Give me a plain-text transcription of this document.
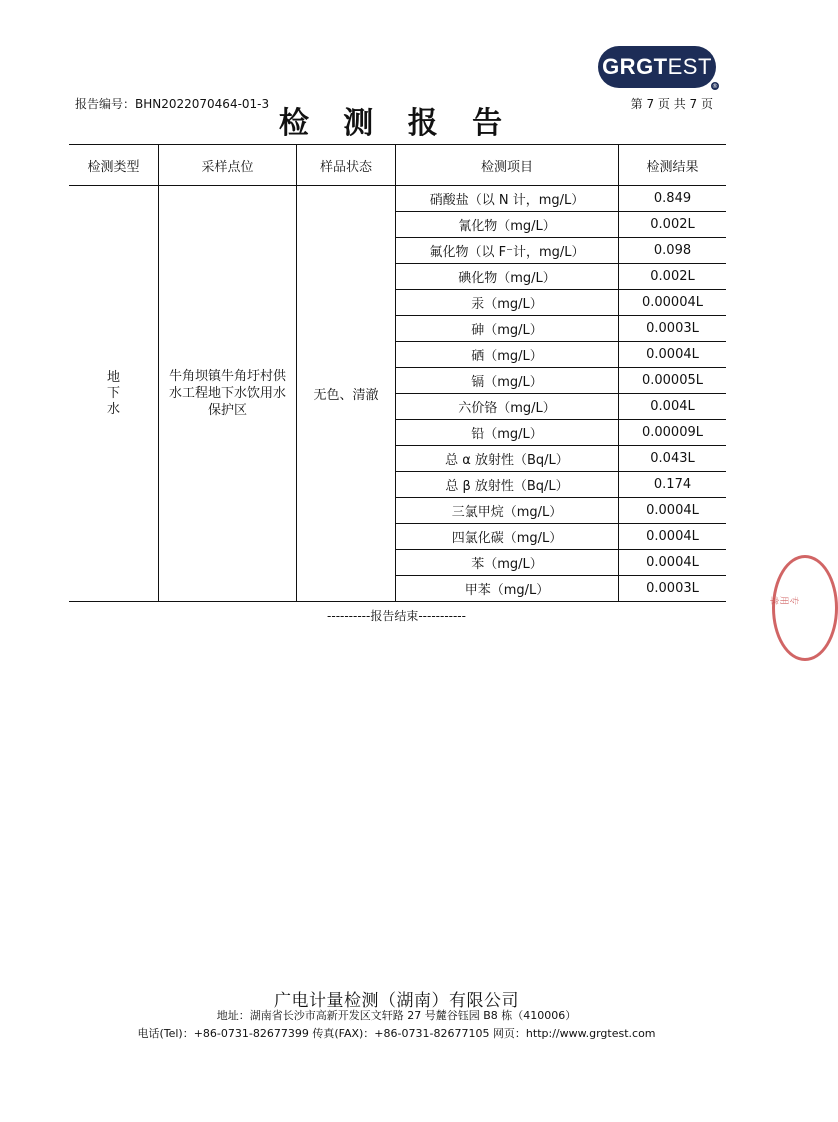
GRGT EST
®
报告编号：BHN2022070464-01-3
检 测 报 告
第 7 页 共 7 页
检测类型	采样点位	样品状态	检测项目	检测结果

地
下
水	牛角坝镇牛角圩村供水工程地下水饮用水保护区	无色、清澈	硝酸盐（以 N 计，mg/L）	0.849
			氰化物（mg/L）	0.002L
			氟化物（以 F⁻计，mg/L）	0.098
			碘化物（mg/L）	0.002L
			汞（mg/L）	0.00004L
			砷（mg/L）	0.0003L
			硒（mg/L）	0.0004L
			镉（mg/L）	0.00005L
			六价铬（mg/L）	0.004L
			铅（mg/L）	0.00009L
			总 α 放射性（Bq/L）	0.043L
			总 β 放射性（Bq/L）	0.174
			三氯甲烷（mg/L）	0.0004L
			四氯化碳（mg/L）	0.0004L
			苯（mg/L）	0.0004L
			甲苯（mg/L）	0.0003L
----------报告结束-----------
专用章
广电计量检测（湖南）有限公司
地址：湖南省长沙市高新开发区文轩路 27 号麓谷钰园 B8 栋（410006）
电话(Tel)：+86-0731-82677399 传真(FAX)：+86-0731-82677105 网页：http://www.grgtest.com
